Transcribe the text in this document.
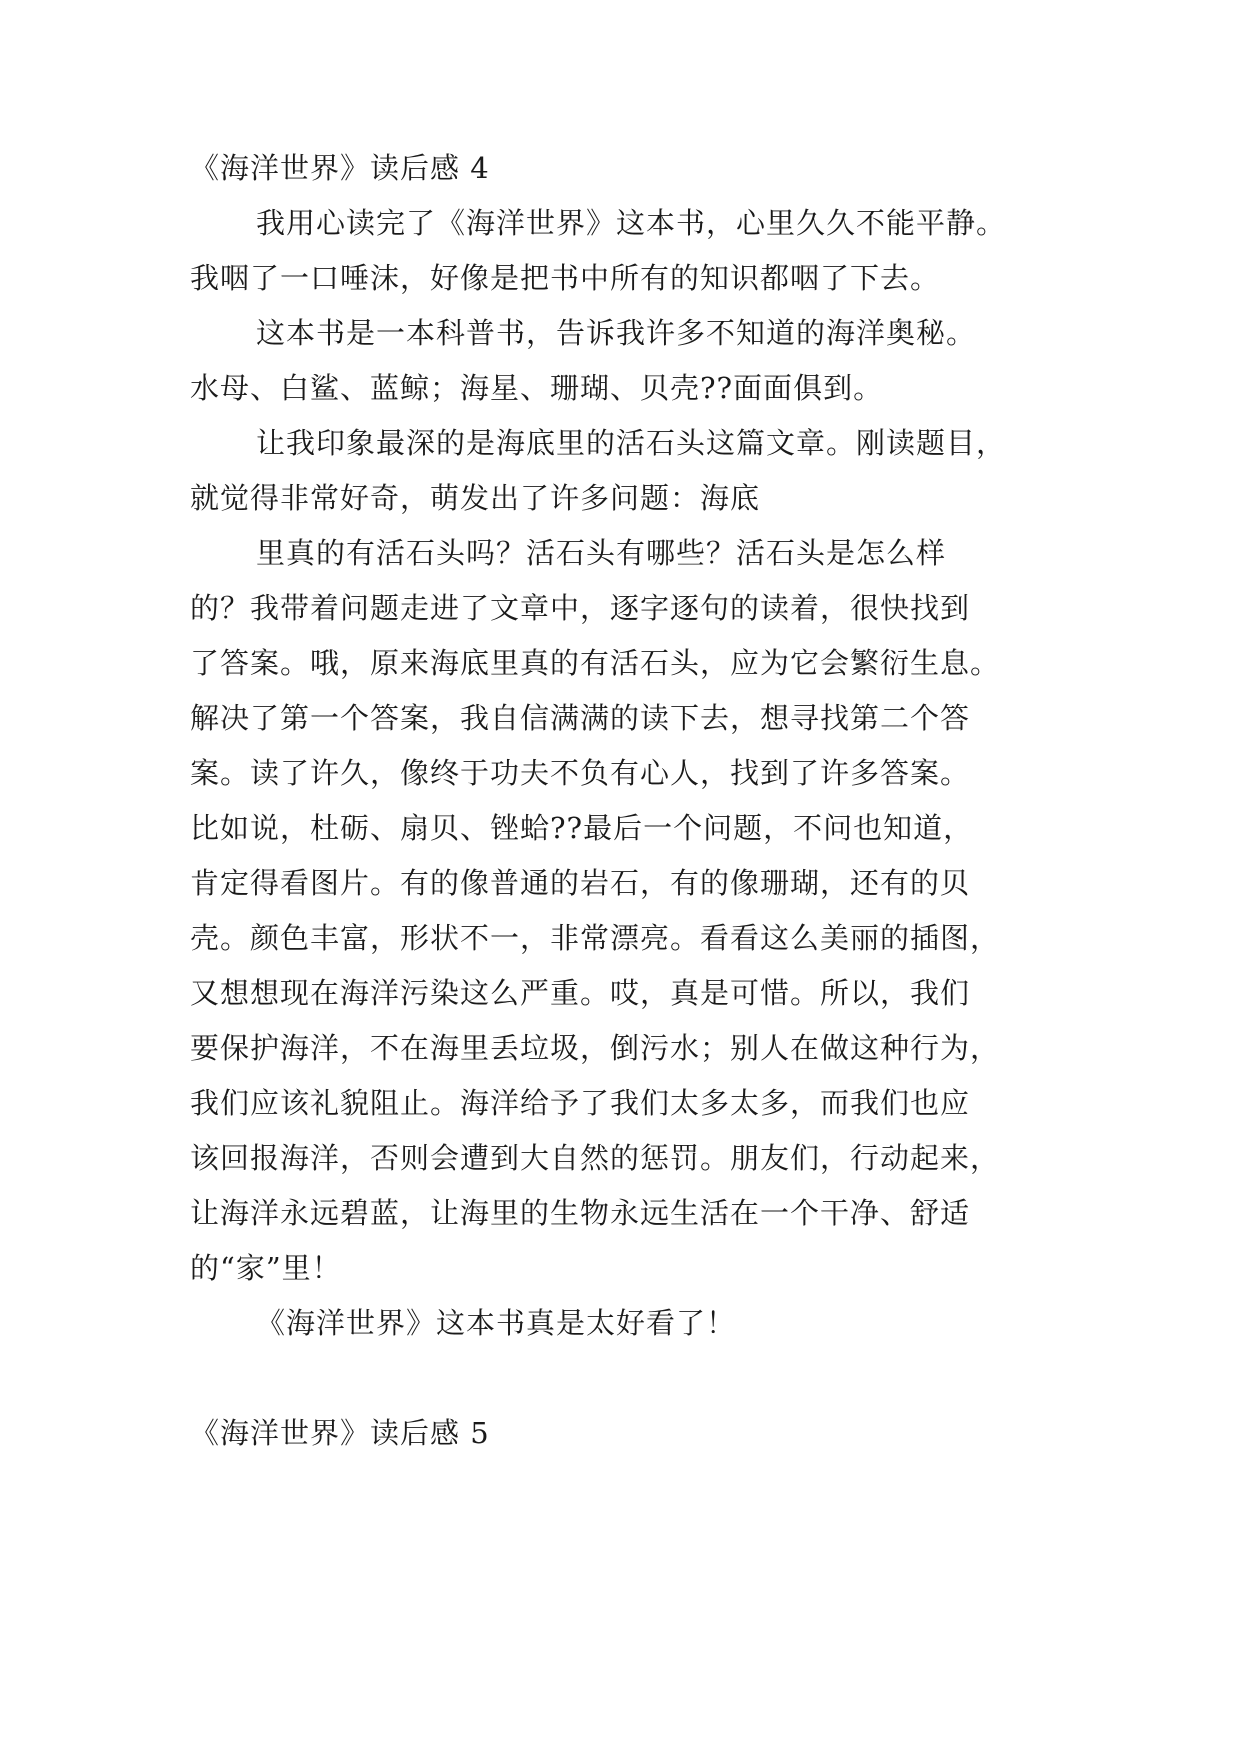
《海洋世界》读后感 4
我用心读完了《海洋世界》这本书，心里久久不能平静。
我咽了一口唾沫，好像是把书中所有的知识都咽了下去。
这本书是一本科普书，告诉我许多不知道的海洋奥秘。
水母、白鲨、蓝鲸；海星、珊瑚、贝壳??面面俱到。
让我印象最深的是海底里的活石头这篇文章。刚读题目，
就觉得非常好奇，萌发出了许多问题：海底
里真的有活石头吗？活石头有哪些？活石头是怎么样
的？我带着问题走进了文章中，逐字逐句的读着，很快找到
了答案。哦，原来海底里真的有活石头，应为它会繁衍生息。
解决了第一个答案，我自信满满的读下去，想寻找第二个答
案。读了许久，像终于功夫不负有心人，找到了许多答案。
比如说，杜砺、扇贝、锉蛤??最后一个问题，不问也知道，
肯定得看图片。有的像普通的岩石，有的像珊瑚，还有的贝
壳。颜色丰富，形状不一，非常漂亮。看看这么美丽的插图，
又想想现在海洋污染这么严重。哎，真是可惜。所以，我们
要保护海洋，不在海里丢垃圾，倒污水；别人在做这种行为，
我们应该礼貌阻止。海洋给予了我们太多太多，而我们也应
该回报海洋，否则会遭到大自然的惩罚。朋友们，行动起来，
让海洋永远碧蓝，让海里的生物永远生活在一个干净、舒适
的“家”里！
《海洋世界》这本书真是太好看了！
《海洋世界》读后感 5
